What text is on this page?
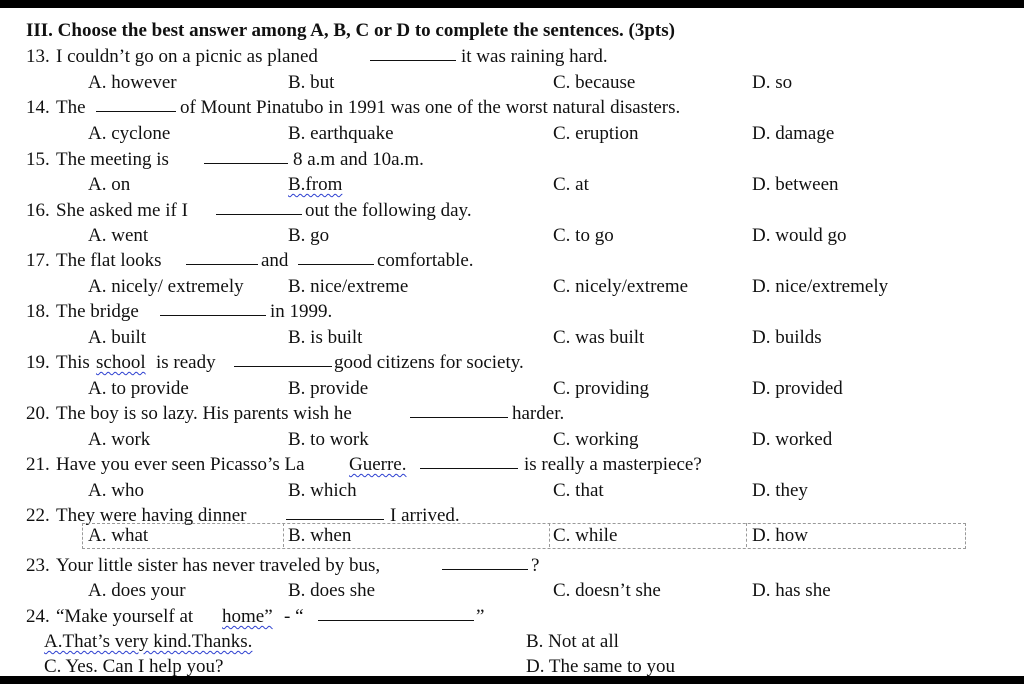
III. Choose the best answer among A, B, C or D to complete the sentences. (3pts)
13. I couldn’t go on a picnic as planed	it was raining hard.
A. however	B. but	C. because	D. so
14. The	of Mount Pinatubo in 1991 was one of the worst natural disasters.
A. cyclone	B. earthquake	C. eruption	D. damage
15. The meeting is	8 a.m and 10a.m.
A. on	B.from	C. at	D. between
16. She asked me if I	out the following day.
A. went	B. go	C. to go	D. would go
17. The flat looks	and	comfortable.
A. nicely/ extremely B. nice/extreme	C. nicely/extreme	D. nice/extremely
18. The bridge	in 1999.
A. built	B. is built	C. was built	D. builds
19. This school is ready	good citizens for society.
A. to provide	B. provide	C. providing	D. provided
20. The boy is so lazy. His parents wish he	harder.
A. work	B. to work	C. working	D. worked
21. Have you ever seen Picasso’s La Guerre.	is really a masterpiece?
A. who	B. which	C. that	D. they
22. They were having dinner	I arrived.
A. what	B. when	C. while	D. how
23. Your little sister has never traveled by bus,	?
A. does your	B. does she	C. doesn’t she	D. has she
24. “Make yourself at home” - “	”
A.That’s very kind.Thanks.	B. Not at all
C. Yes. Can I help you?	D. The same to you
